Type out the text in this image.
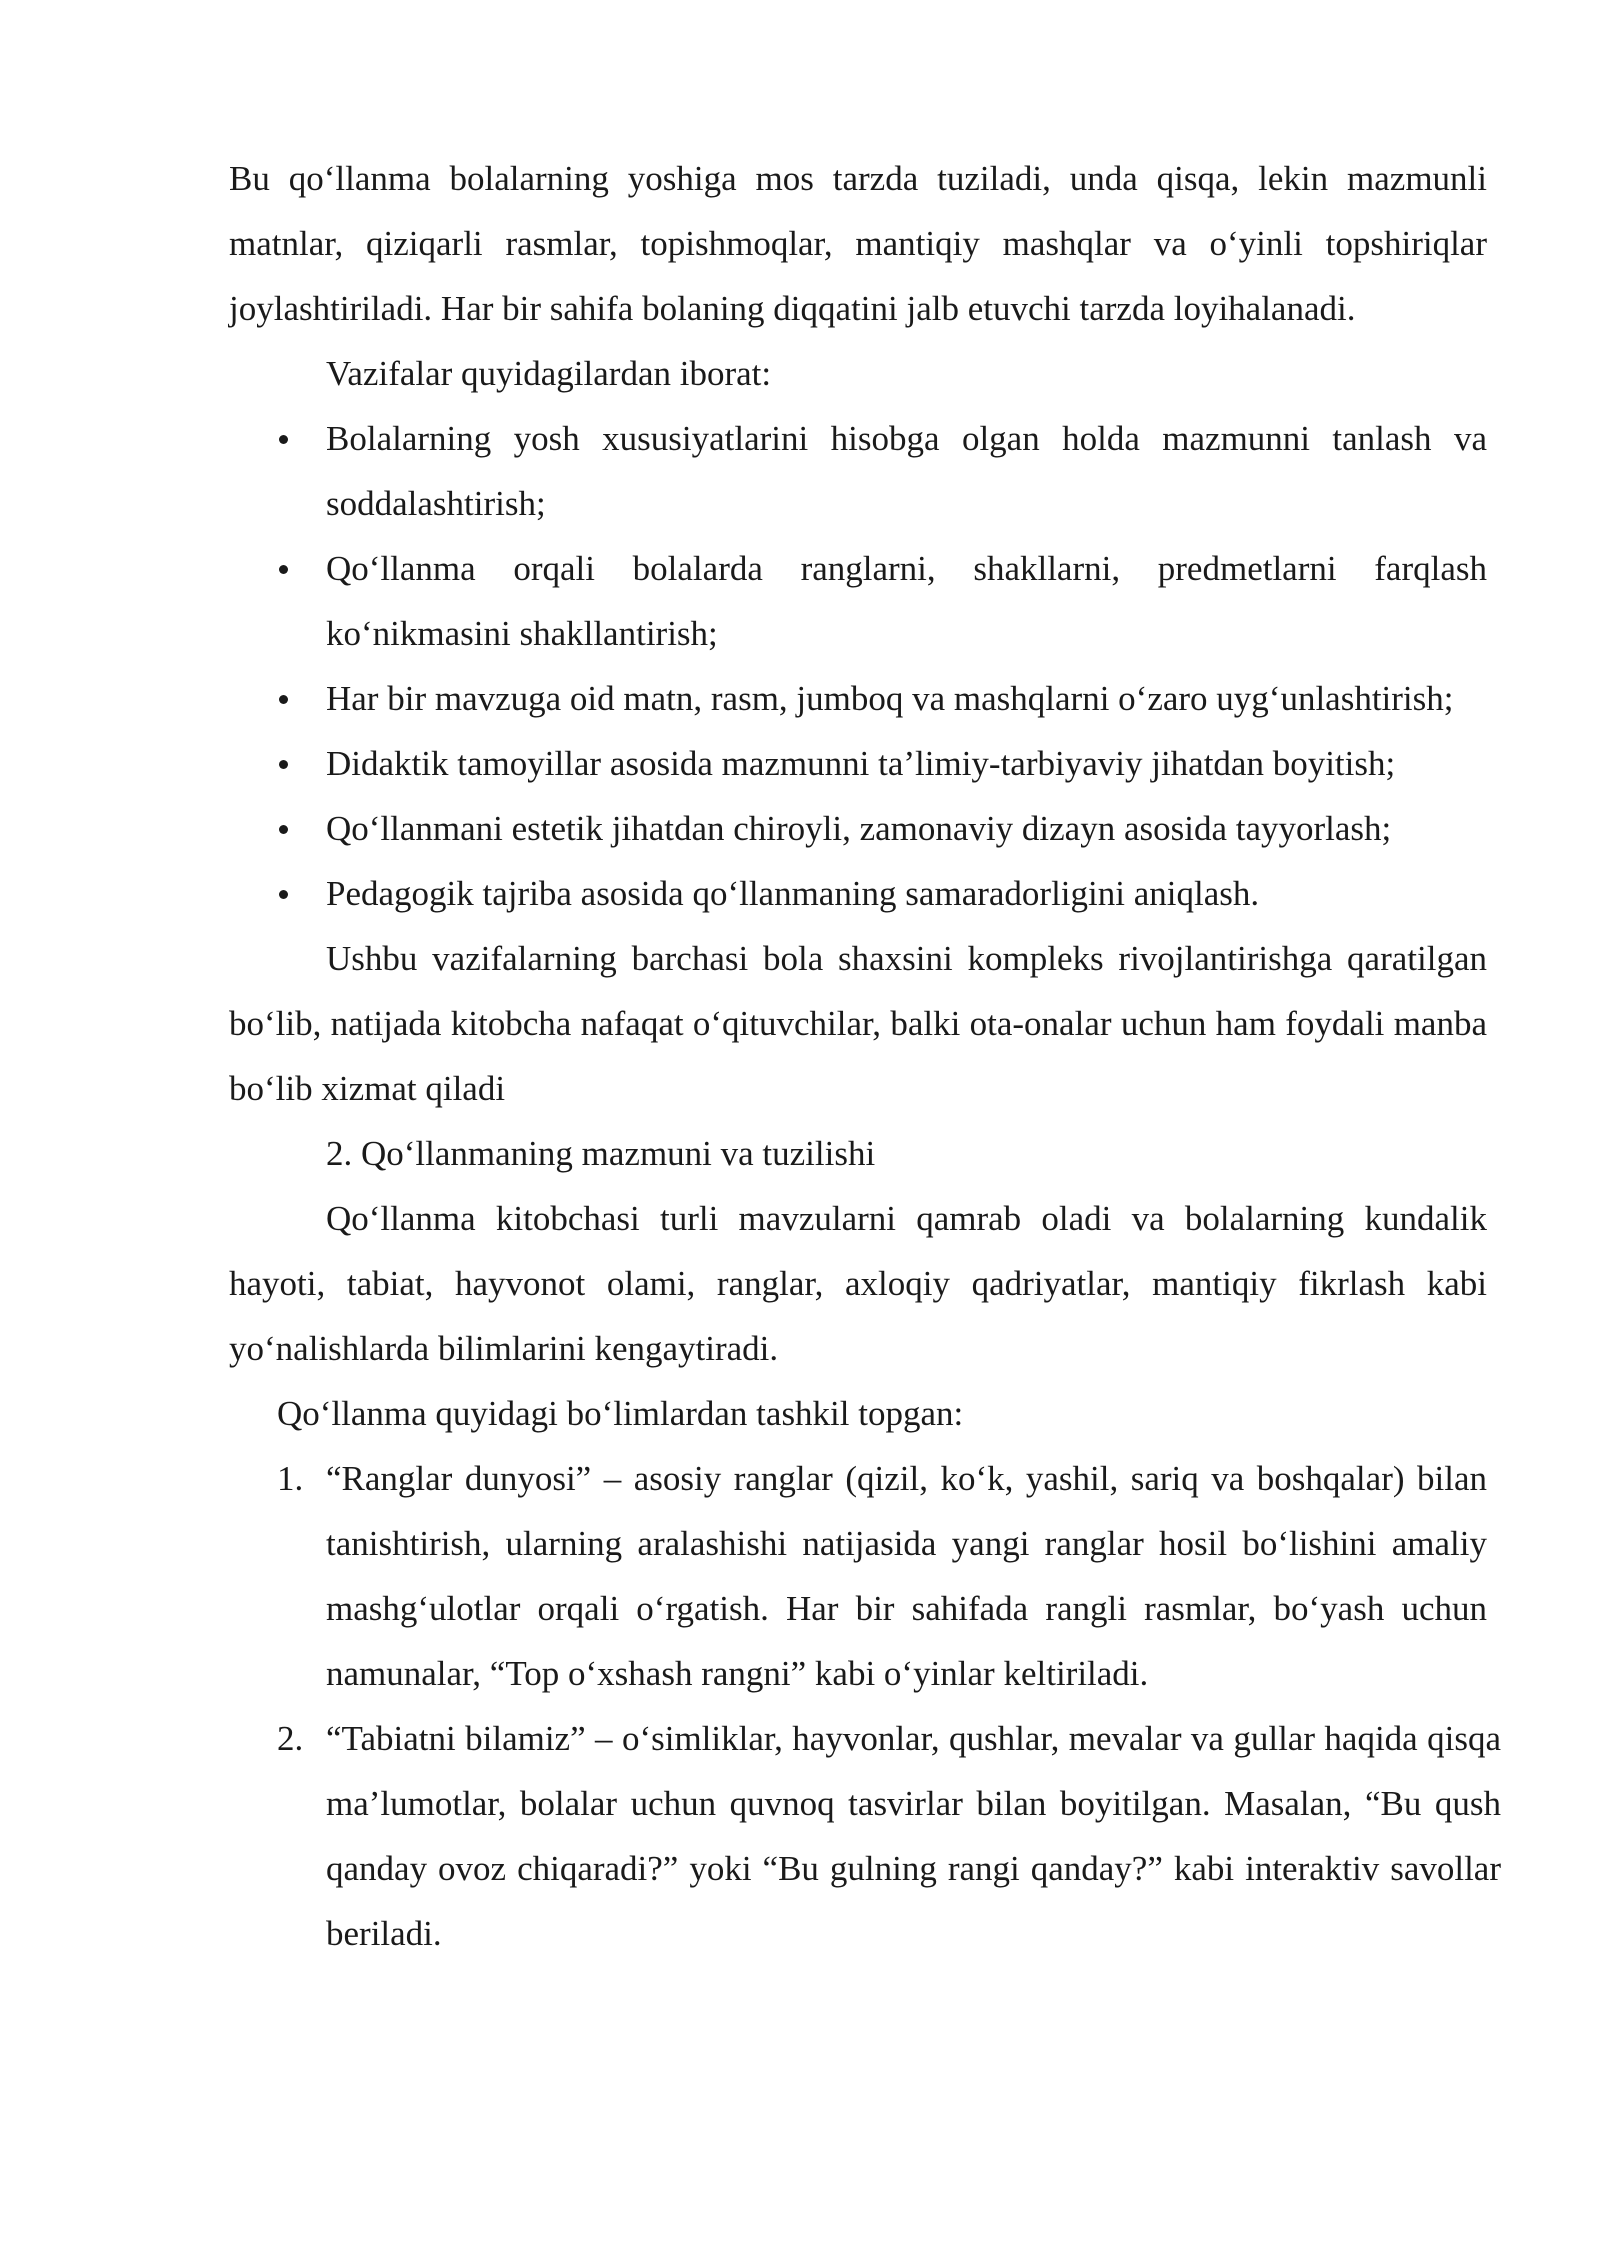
Bu qo‘llanma bolalarning yoshiga mos tarzda tuziladi, unda qisqa, lekin mazmunli matnlar, qiziqarli rasmlar, topishmoqlar, mantiqiy mashqlar va o‘yinli topshiriqlar joylashtiriladi. Har bir sahifa bolaning diqqatini jalb etuvchi tarzda loyihalanadi.

Vazifalar quyidagilardan iborat:

Bolalarning yosh xususiyatlarini hisobga olgan holda mazmunni tanlash va soddalashtirish;
Qo‘llanma orqali bolalarda ranglarni, shakllarni, predmetlarni farqlash ko‘nikmasini shakllantirish;
Har bir mavzuga oid matn, rasm, jumboq va mashqlarni o‘zaro uyg‘unlashtirish;
Didaktik tamoyillar asosida mazmunni ta’limiy-tarbiyaviy jihatdan boyitish;
Qo‘llanmani estetik jihatdan chiroyli, zamonaviy dizayn asosida tayyorlash;
Pedagogik tajriba asosida qo‘llanmaning samaradorligini aniqlash.

Ushbu vazifalarning barchasi bola shaxsini kompleks rivojlantirishga qaratilgan bo‘lib, natijada kitobcha nafaqat o‘qituvchilar, balki ota-onalar uchun ham foydali manba bo‘lib xizmat qiladi

2. Qo‘llanmaning mazmuni va tuzilishi

Qo‘llanma kitobchasi turli mavzularni qamrab oladi va bolalarning kundalik hayoti, tabiat, hayvonot olami, ranglar, axloqiy qadriyatlar, mantiqiy fikrlash kabi yo‘nalishlarda bilimlarini kengaytiradi.

Qo‘llanma quyidagi bo‘limlardan tashkil topgan:

1. “Ranglar dunyosi” – asosiy ranglar (qizil, ko‘k, yashil, sariq va boshqalar) bilan tanishtirish, ularning aralashishi natijasida yangi ranglar hosil bo‘lishini amaliy mashg‘ulotlar orqali o‘rgatish. Har bir sahifada rangli rasmlar, bo‘yash uchun namunalar, “Top o‘xshash rangni” kabi o‘yinlar keltiriladi.
2. “Tabiatni bilamiz” – o‘simliklar, hayvonlar, qushlar, mevalar va gullar haqida qisqa ma’lumotlar, bolalar uchun quvnoq tasvirlar bilan boyitilgan. Masalan, “Bu qush qanday ovoz chiqaradi?” yoki “Bu gulning rangi qanday?” kabi interaktiv savollar beriladi.
